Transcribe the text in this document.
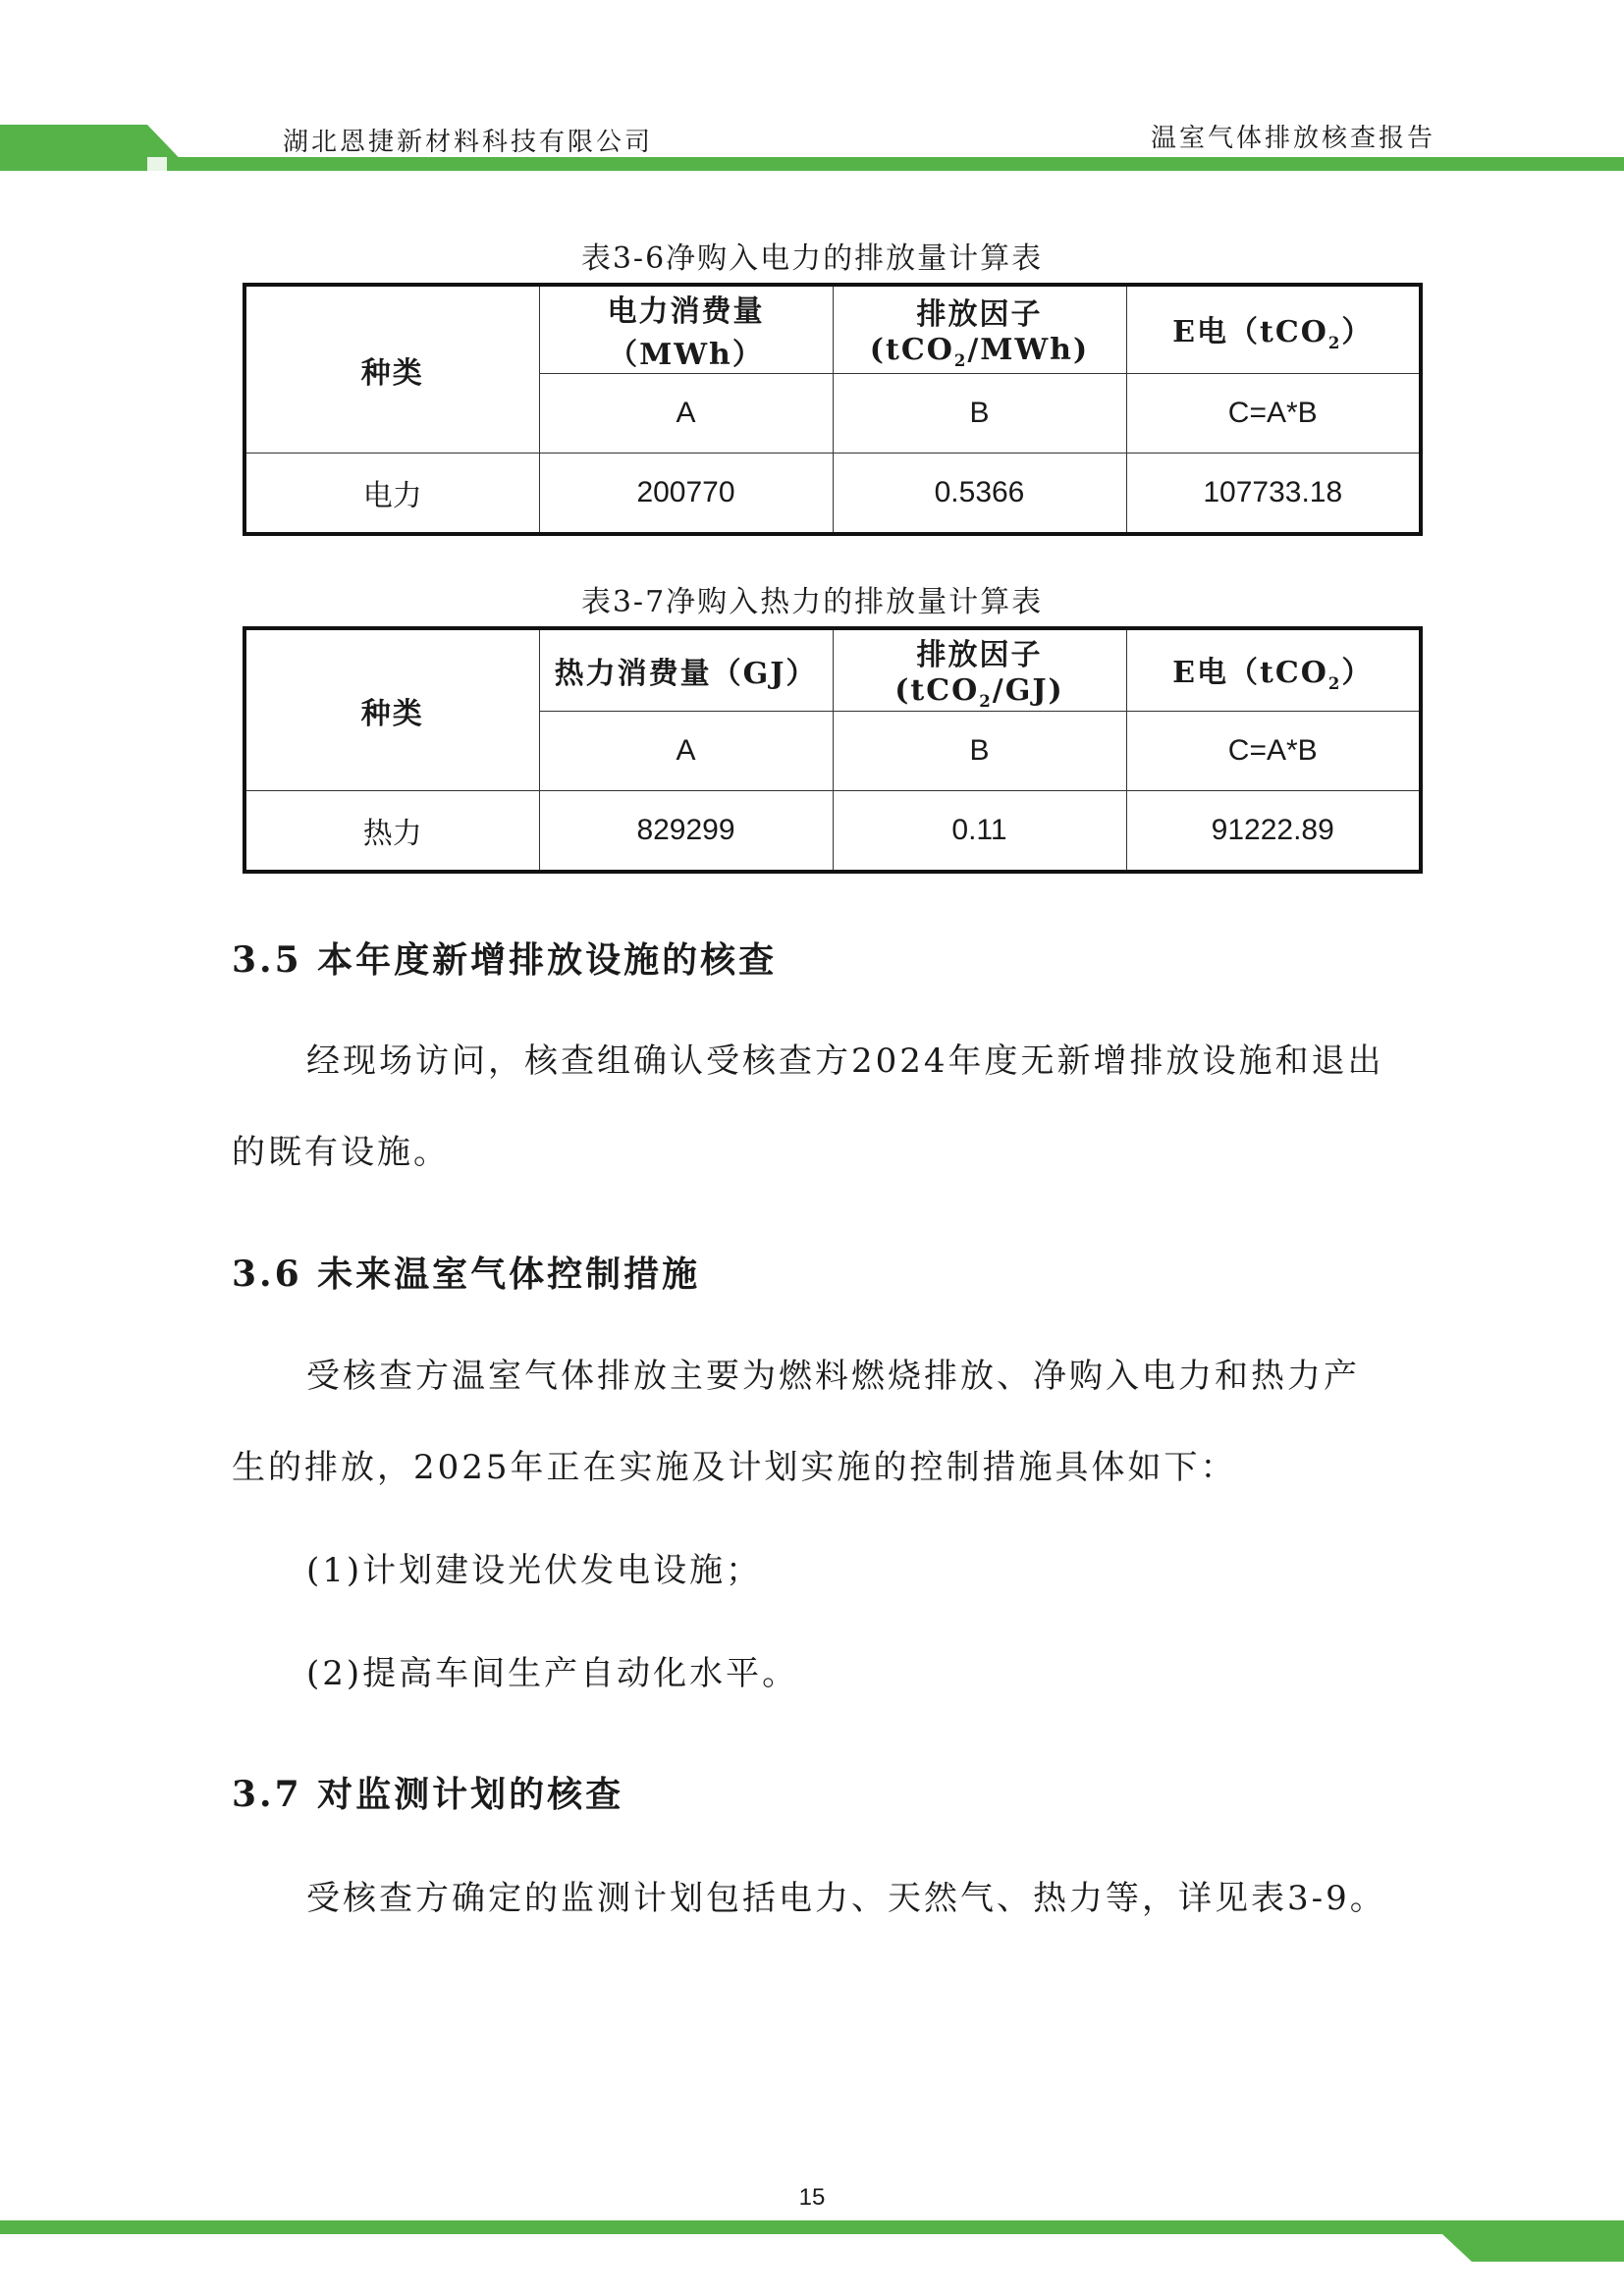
湖北恩捷新材料科技有限公司	温室气体排放核查报告
表3-6净购入电力的排放量计算表
种类	电力消费量（MWh）	排放因子(tCO$_2$/MWh)	E电（tCO$_2$）
	A	B	C=A*B
电力	200770	0.5366	107733.18
表3-7净购入热力的排放量计算表
种类	热力消费量（GJ）	排放因子(tCO$_2$/GJ)	E电（tCO$_2$）
	A	B	C=A*B
热力	829299	0.11	91222.89
3.5 本年度新增排放设施的核查
经现场访问，核查组确认受核查方2024年度无新增排放设施和退出
的既有设施。
3.6 未来温室气体控制措施
受核查方温室气体排放主要为燃料燃烧排放、净购入电力和热力产
生的排放，2025年正在实施及计划实施的控制措施具体如下：
(1)计划建设光伏发电设施；
(2)提高车间生产自动化水平。
3.7 对监测计划的核查
受核查方确定的监测计划包括电力、天然气、热力等，详见表3-9。
15
